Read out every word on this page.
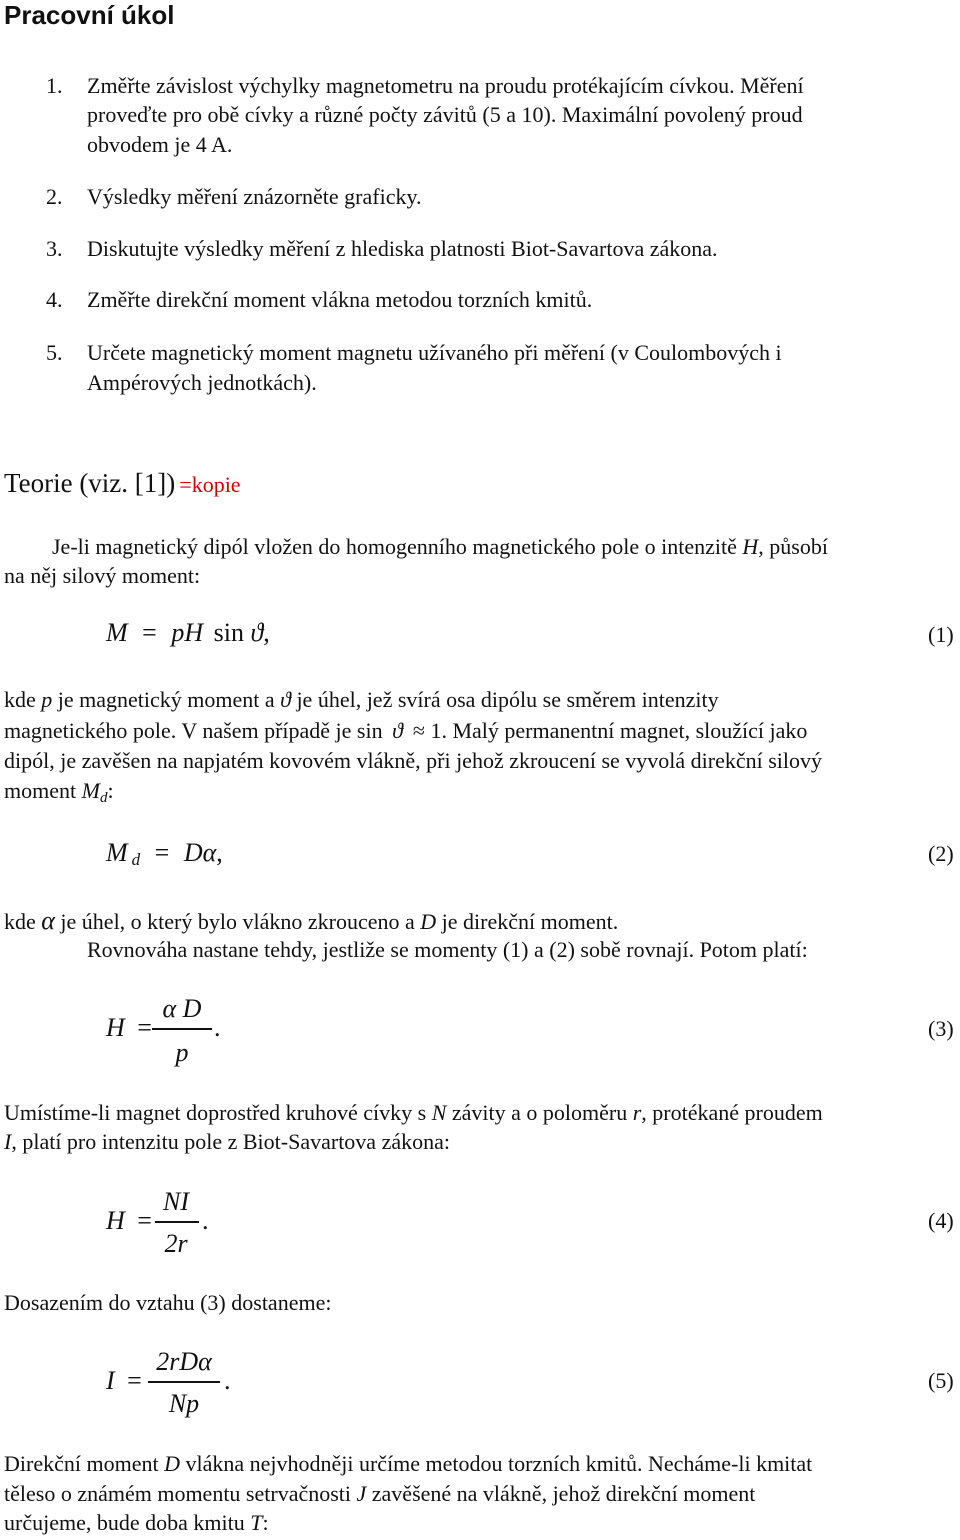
Pracovní úkol
1. Změřte závislost výchylky magnetometru na proudu protékajícím cívkou. Měření
proveďte pro obě cívky a různé počty závitů (5 a 10). Maximální povolený proud
obvodem je 4 A.
2. Výsledky měření znázorněte graficky.
3. Diskutujte výsledky měření z hlediska platnosti Biot-Savartova zákona.
4. Změřte direkční moment vlákna metodou torzních kmitů.
5. Určete magnetický moment magnetu užívaného při měření (v Coulombových i
Ampérových jednotkách).
Teorie (viz. [1]) =kopie
Je-li magnetický dipól vložen do homogenního magnetického pole o intenzitě H, působí
na něj silový moment:
M = pH sin ϑ,	(1)
kde p je magnetický moment a ϑ je úhel, jež svírá osa dipólu se směrem intenzity
magnetického pole. V našem případě je sin ϑ ≈ 1. Malý permanentní magnet, sloužící jako
dipól, je zavěšen na napjatém kovovém vlákně, při jehož zkroucení se vyvolá direkční silový
moment $M_d$:
M $_d$ = Dα,	(2)
kde α je úhel, o který bylo vlákno zkrouceno a D je direkční moment.
Rovnováha nastane tehdy, jestliže se momenty (1) a (2) sobě rovnají. Potom platí:
H =
α D
p
.	(3)
Umístíme-li magnet doprostřed kruhové cívky s N závity a o poloměru r, protékané proudem
I, platí pro intenzitu pole z Biot-Savartova zákona:
H =
NI
2r
.	(4)
Dosazením do vztahu (3) dostaneme:
I =
2rDα
Np
.	(5)
Direkční moment D vlákna nejvhodněji určíme metodou torzních kmitů. Necháme-li kmitat
těleso o známém momentu setrvačnosti J zavěšené na vlákně, jehož direkční moment
určujeme, bude doba kmitu T:
